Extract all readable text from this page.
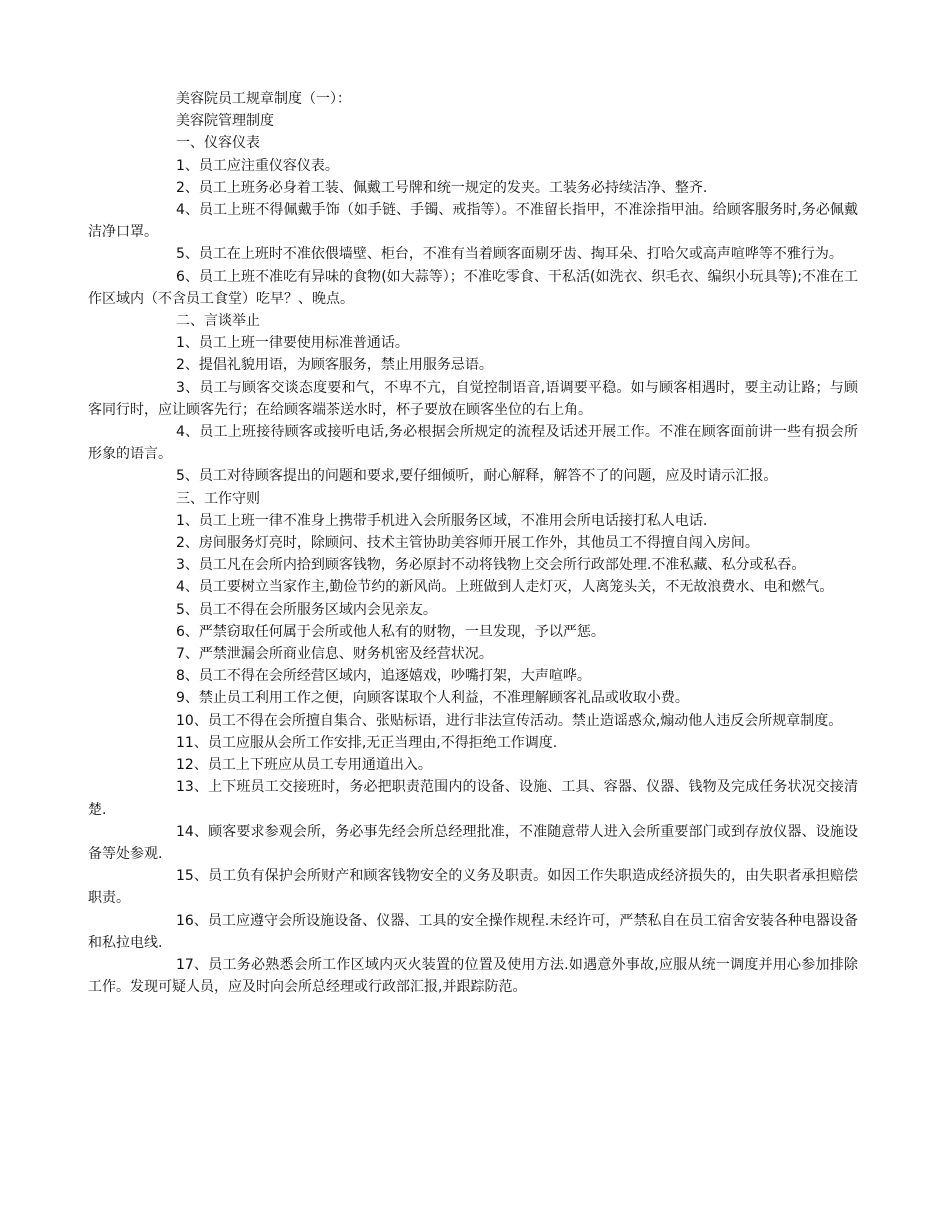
美容院员工规章制度（一）：

美容院管理制度

一、仪容仪表

1、员工应注重仪容仪表。

2、员工上班务必身着工装、佩戴工号牌和统一规定的发夹。工装务必持续洁净、整齐.

4、员工上班不得佩戴手饰（如手链、手镯、戒指等）。不准留长指甲，不准涂指甲油。给顾客服务时,务必佩戴洁净口罩。

5、员工在上班时不准依偎墙壁、柜台，不准有当着顾客面剔牙齿、掏耳朵、打哈欠或高声喧哗等不雅行为。

6、员工上班不准吃有异味的食物(如大蒜等）；不准吃零食、干私活(如洗衣、织毛衣、编织小玩具等);不准在工作区域内（不含员工食堂）吃早？、晚点。

二、言谈举止

1、员工上班一律要使用标准普通话。

2、提倡礼貌用语，为顾客服务，禁止用服务忌语。

3、员工与顾客交谈态度要和气，不卑不亢，自觉控制语音,语调要平稳。如与顾客相遇时，要主动让路；与顾客同行时，应让顾客先行；在给顾客端茶送水时，杯子要放在顾客坐位的右上角。

4、员工上班接待顾客或接听电话,务必根据会所规定的流程及话述开展工作。不准在顾客面前讲一些有损会所形象的语言。

5、员工对待顾客提出的问题和要求,要仔细倾听，耐心解释，解答不了的问题，应及时请示汇报。

三、工作守则

1、员工上班一律不准身上携带手机进入会所服务区域，不准用会所电话接打私人电话.

2、房间服务灯亮时，除顾问、技术主管协助美容师开展工作外，其他员工不得擅自闯入房间。

3、员工凡在会所内拾到顾客钱物，务必原封不动将钱物上交会所行政部处理.不准私藏、私分或私吞。

4、员工要树立当家作主,勤俭节约的新风尚。上班做到人走灯灭，人离笼头关，不无故浪费水、电和燃气。

5、员工不得在会所服务区域内会见亲友。

6、严禁窃取任何属于会所或他人私有的财物，一旦发现，予以严惩。

7、严禁泄漏会所商业信息、财务机密及经营状况。

8、员工不得在会所经营区域内，追逐嬉戏，吵嘴打架，大声喧哗。

9、禁止员工利用工作之便，向顾客谋取个人利益，不准理解顾客礼品或收取小费。

10、员工不得在会所擅自集合、张贴标语，进行非法宣传活动。禁止造谣惑众,煽动他人违反会所规章制度。

11、员工应服从会所工作安排,无正当理由,不得拒绝工作调度.

12、员工上下班应从员工专用通道出入。

13、上下班员工交接班时，务必把职责范围内的设备、设施、工具、容器、仪器、钱物及完成任务状况交接清楚.

14、顾客要求参观会所，务必事先经会所总经理批准，不准随意带人进入会所重要部门或到存放仪器、设施设备等处参观.

15、员工负有保护会所财产和顾客钱物安全的义务及职责。如因工作失职造成经济损失的，由失职者承担赔偿职责。

16、员工应遵守会所设施设备、仪器、工具的安全操作规程.未经许可，严禁私自在员工宿舍安装各种电器设备和私拉电线.

17、员工务必熟悉会所工作区域内灭火装置的位置及使用方法.如遇意外事故,应服从统一调度并用心参加排除工作。发现可疑人员，应及时向会所总经理或行政部汇报,并跟踪防范。
